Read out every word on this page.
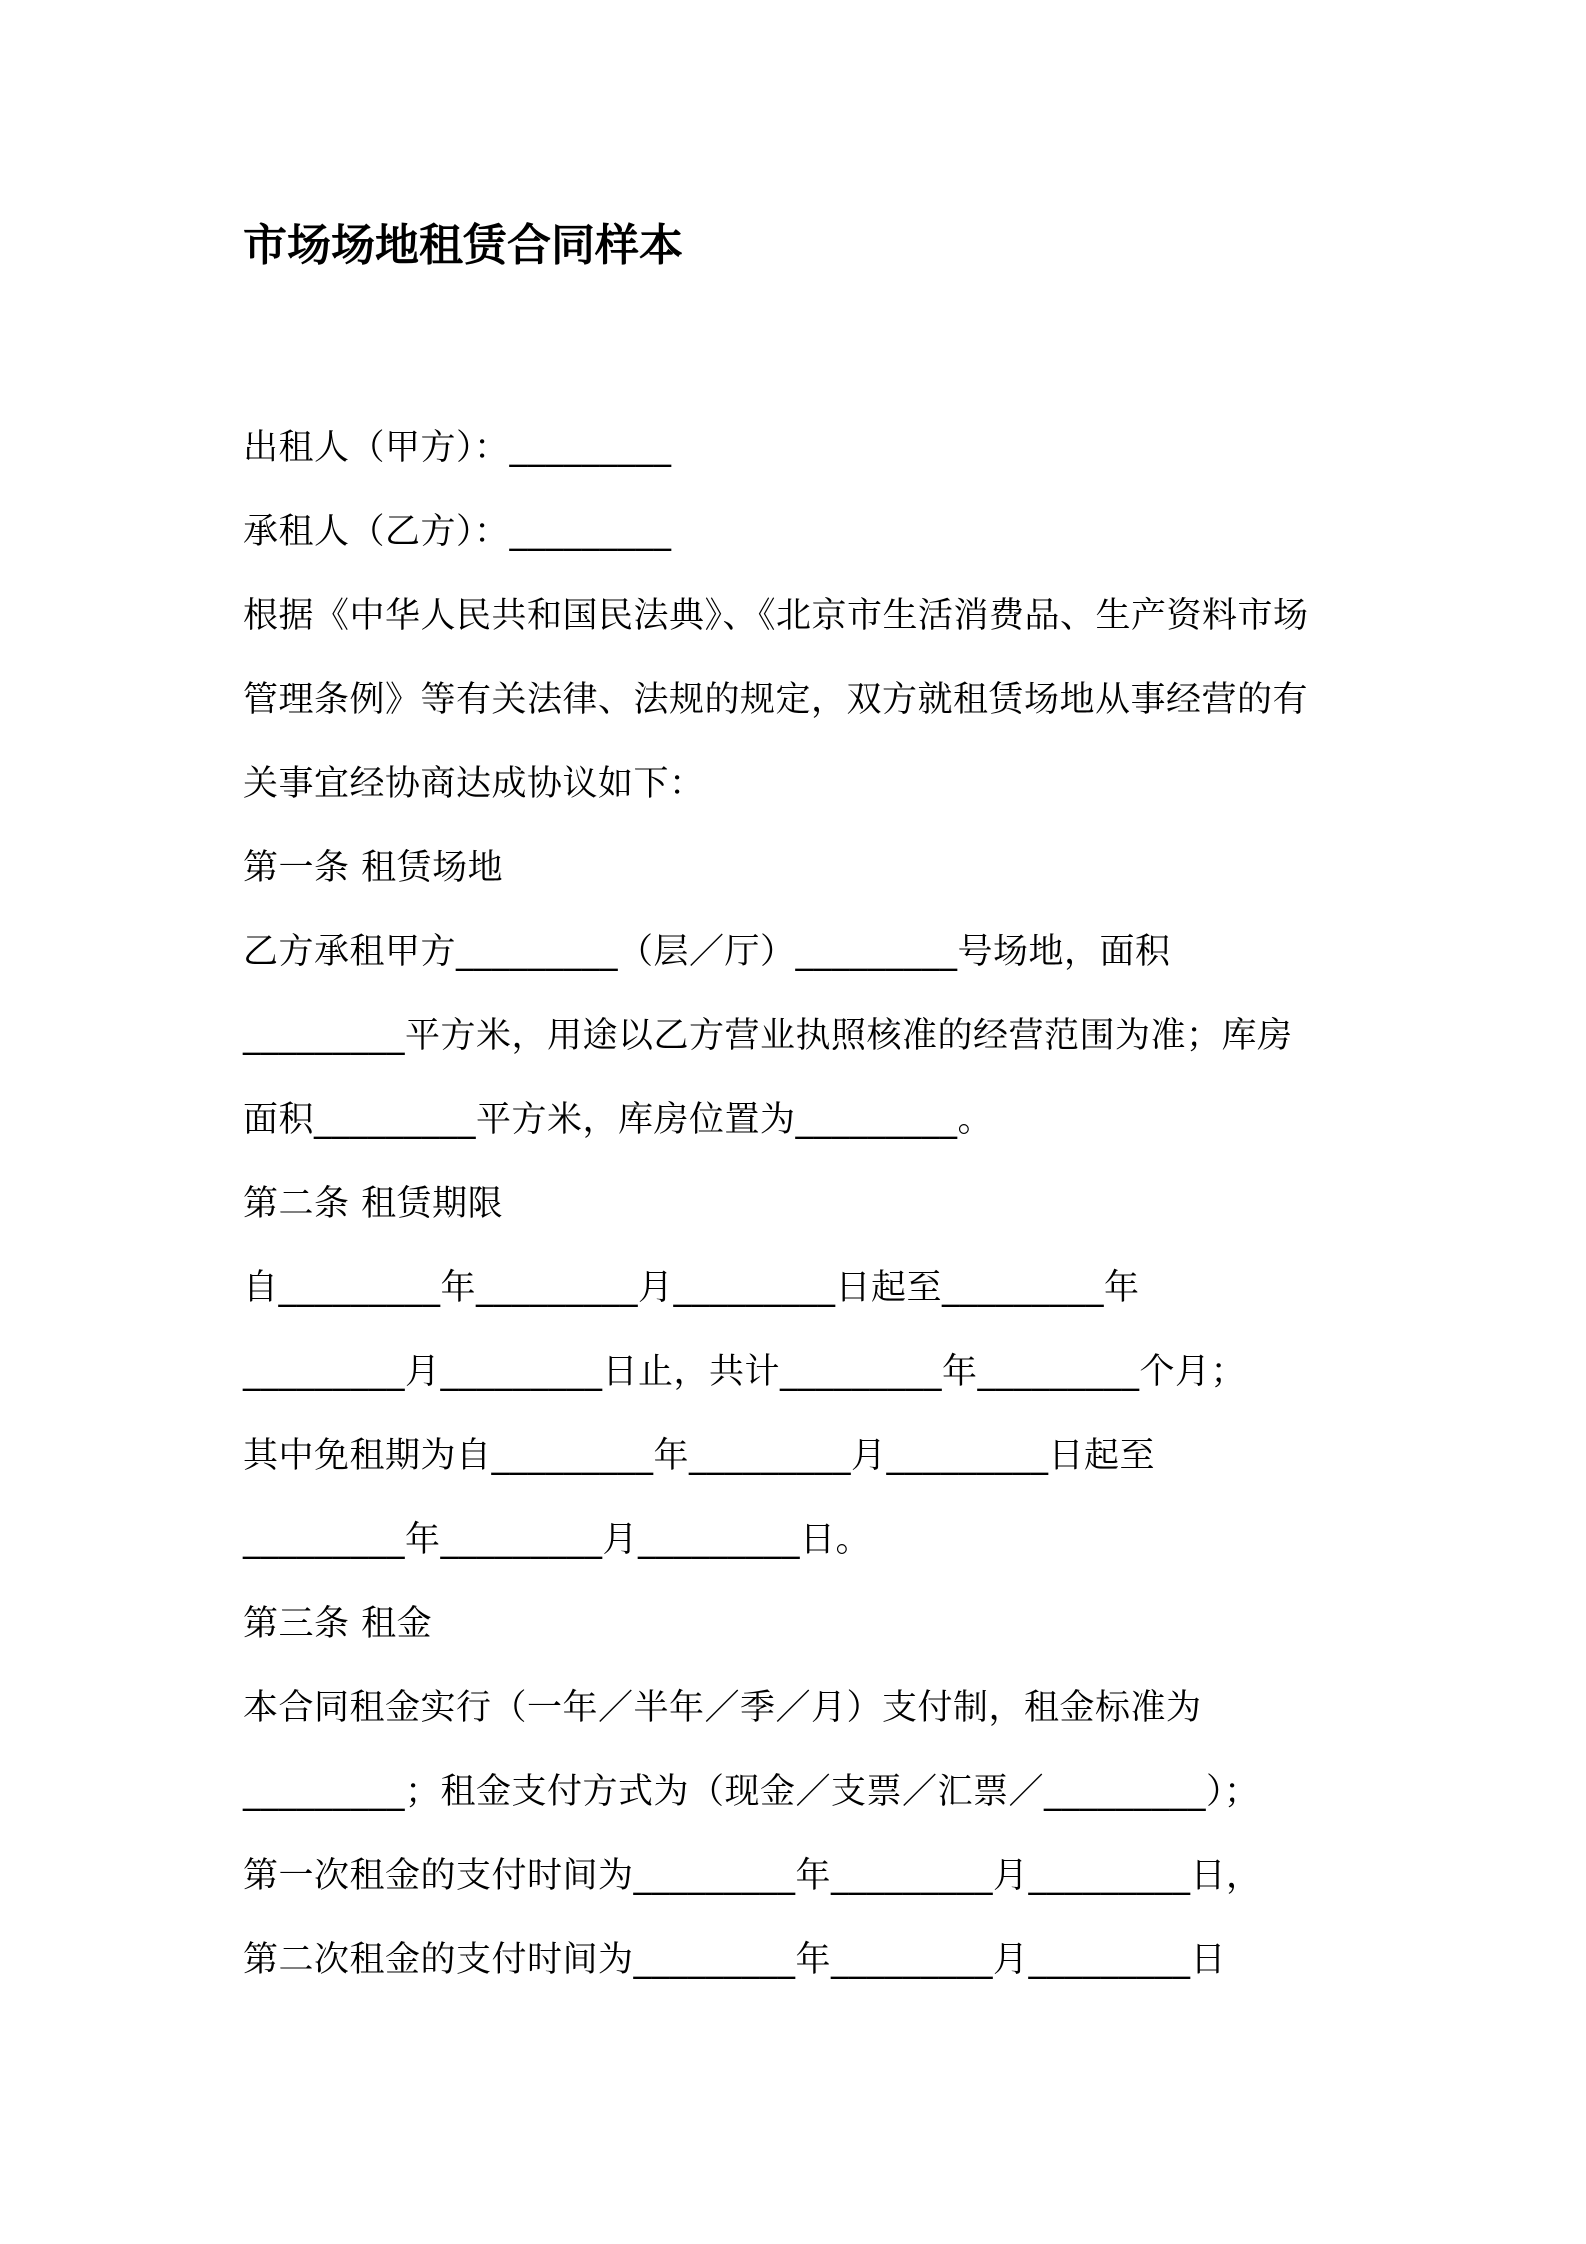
市场场地租赁合同样本
出租人（甲方）：_________
承租人（乙方）：_________
根据《中华人民共和国民法典》、《北京市生活消费品、生产资料市场
管理条例》等有关法律、法规的规定，双方就租赁场地从事经营的有
关事宜经协商达成协议如下：
第一条 租赁场地
乙方承租甲方_________（层／厅）_________号场地，面积
_________平方米，用途以乙方营业执照核准的经营范围为准；库房
面积_________平方米，库房位置为_________。
第二条 租赁期限
自_________年_________月_________日起至_________年
_________月_________日止，共计_________年_________个月；
其中免租期为自_________年_________月_________日起至
_________年_________月_________日。
第三条 租金
本合同租金实行（一年／半年／季／月）支付制，租金标准为
_________；租金支付方式为（现金／支票／汇票／_________）；
第一次租金的支付时间为_________年_________月_________日，
第二次租金的支付时间为_________年_________月_________日
